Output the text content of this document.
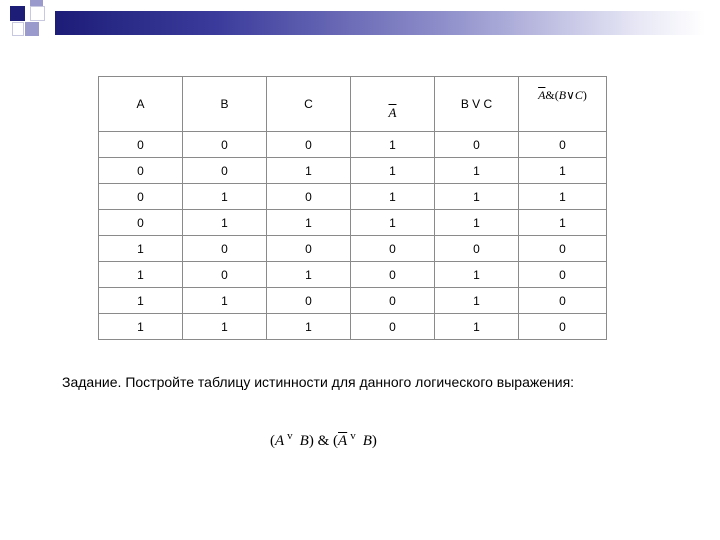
A	B	C	$\overline{A}$	B V C	$\overline{A}\&(B\vee C)$
0	0	0	1	0	0
0	0	1	1	1	1
0	1	0	1	1	1
0	1	1	1	1	1
1	0	0	0	0	0
1	0	1	0	1	0
1	1	0	0	1	0
1	1	1	0	1	0
Задание. Постройте таблицу истинности для данного логического выражения:
(A $^v$ B) & ($\overline{A}$ $^v$ B)
